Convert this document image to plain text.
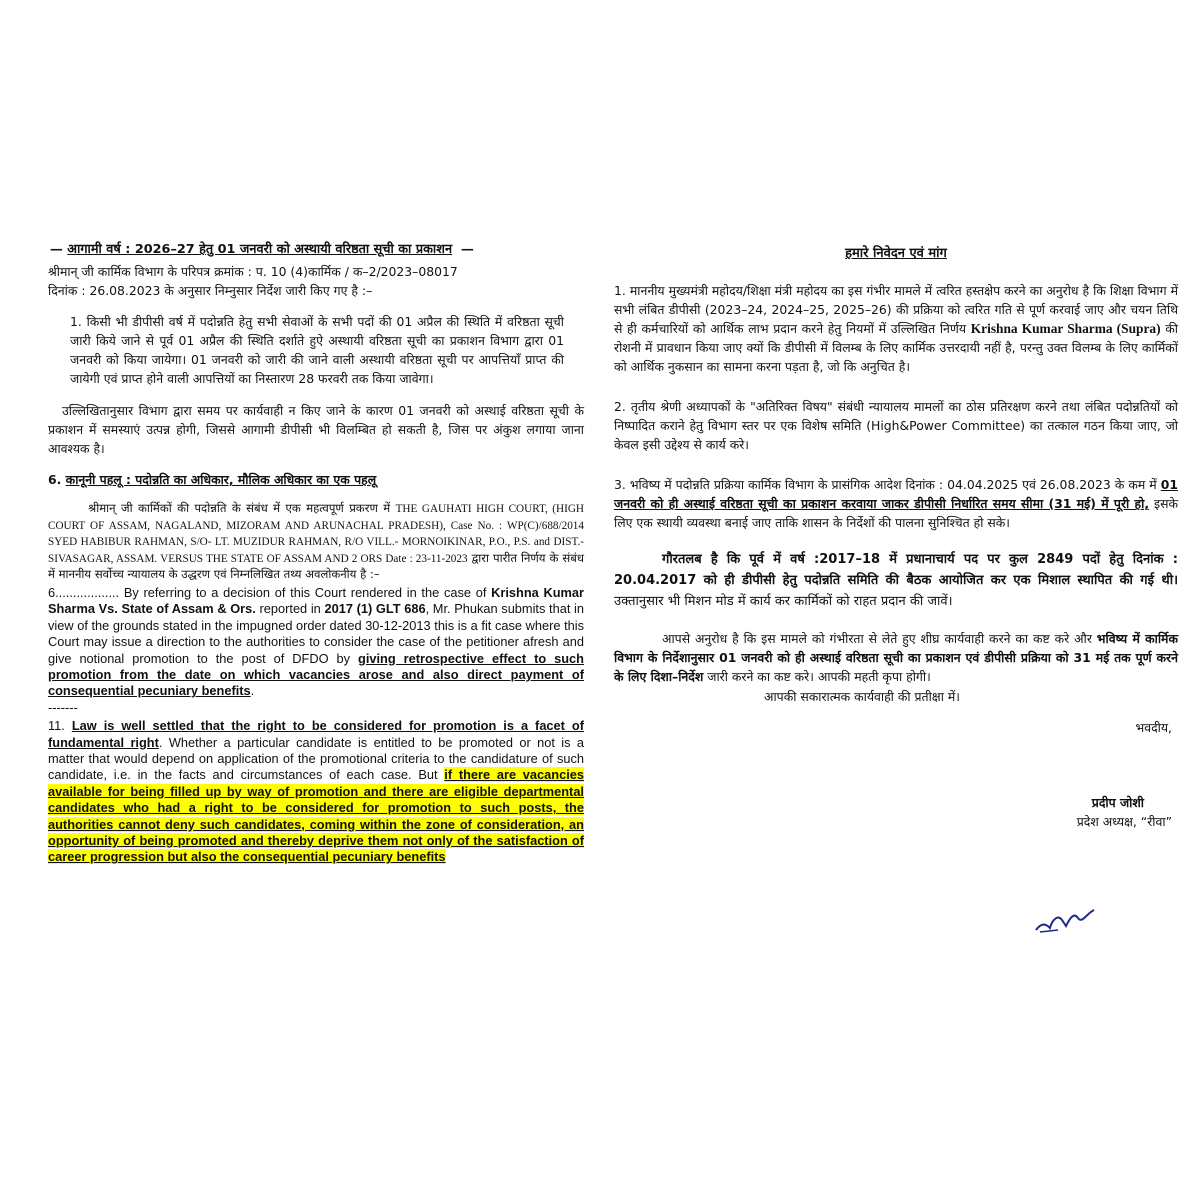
— आगामी वर्ष : 2026–27 हेतु 01 जनवरी को अस्थायी वरिष्ठता सूची का प्रकाशन —

श्रीमान् जी कार्मिक विभाग के परिपत्र क्रमांक : प. 10 (4)कार्मिक / क–2/2023–08017

दिनांक : 26.08.2023 के अनुसार निम्नुसार निर्देश जारी किए गए है :–

1. किसी भी डीपीसी वर्ष में पदोन्नति हेतु सभी सेवाओं के सभी पदों की 01 अप्रैल की स्थिति में वरिष्ठता सूची जारी किये जाने से पूर्व 01 अप्रैल की स्थिति दर्शाते हुऐ अस्थायी वरिष्ठता सूची का प्रकाशन विभाग द्वारा 01 जनवरी को किया जायेगा। 01 जनवरी को जारी की जाने वाली अस्थायी वरिष्ठता सूची पर आपत्तियाँ प्राप्त की जायेगी एवं प्राप्त होने वाली आपत्तियों का निस्तारण 28 फरवरी तक किया जावेगा।

उल्लिखितानुसार विभाग द्वारा समय पर कार्यवाही न किए जाने के कारण 01 जनवरी को अस्थाई वरिष्ठता सूची के प्रकाशन में समस्याएं उत्पन्न होगी, जिससे आगामी डीपीसी भी विलम्बित हो सकती है, जिस पर अंकुश लगाया जाना आवश्यक है।

6. कानूनी पहलू : पदोन्नति का अधिकार, मौलिक अधिकार का एक पहलू

श्रीमान् जी कार्मिकों की पदोन्नति के संबंध में एक महत्वपूर्ण प्रकरण में THE GAUHATI HIGH COURT, (HIGH COURT OF ASSAM, NAGALAND, MIZORAM AND ARUNACHAL PRADESH), Case No. : WP(C)/688/2014 SYED HABIBUR RAHMAN, S/O- LT. MUZIDUR RAHMAN, R/O VILL.- MORNOIKINAR, P.O., P.S. and DIST.- SIVASAGAR, ASSAM. VERSUS THE STATE OF ASSAM AND 2 ORS Date : 23-11-2023 द्वारा पारीत निर्णय के संबंध में माननीय सर्वोच्च न्यायालय के उद्धरण एवं निम्नलिखित तथ्य अवलोकनीय है :–

6.................. By referring to a decision of this Court rendered in the case of Krishna Kumar Sharma Vs. State of Assam & Ors. reported in 2017 (1) GLT 686, Mr. Phukan submits that in view of the grounds stated in the impugned order dated 30-12-2013 this is a fit case where this Court may issue a direction to the authorities to consider the case of the petitioner afresh and give notional promotion to the post of DFDO by giving retrospective effect to such promotion from the date on which vacancies arose and also direct payment of consequential pecuniary benefits.

-------

11. Law is well settled that the right to be considered for promotion is a facet of fundamental right. Whether a particular candidate is entitled to be promoted or not is a matter that would depend on application of the promotional criteria to the candidature of such candidate, i.e. in the facts and circumstances of each case. But if there are vacancies available for being filled up by way of promotion and there are eligible departmental candidates who had a right to be considered for promotion to such posts, the authorities cannot deny such candidates, coming within the zone of consideration, an opportunity of being promoted and thereby deprive them not only of the satisfaction of career progression but also the consequential pecuniary benefits

हमारे निवेदन एवं मांग

1. माननीय मुख्यमंत्री महोदय/शिक्षा मंत्री महोदय का इस गंभीर मामले में त्वरित हस्तक्षेप करने का अनुरोध है कि शिक्षा विभाग में सभी लंबित डीपीसी (2023–24, 2024–25, 2025–26) की प्रक्रिया को त्वरित गति से पूर्ण करवाई जाए और चयन तिथि से ही कर्मचारियों को आर्थिक लाभ प्रदान करने हेतु नियमों में उल्लिखित निर्णय Krishna Kumar Sharma (Supra) की रोशनी में प्रावधान किया जाए क्यों कि डीपीसी में विलम्ब के लिए कार्मिक उत्तरदायी नहीं है, परन्तु उक्त विलम्ब के लिए कार्मिकों को आर्थिक नुकसान का सामना करना पड़ता है, जो कि अनुचित है।

2. तृतीय श्रेणी अध्यापकों के "अतिरिक्त विषय" संबंधी न्यायालय मामलों का ठोस प्रतिरक्षण करने तथा लंबित पदोन्नतियों को निष्पादित कराने हेतु विभाग स्तर पर एक विशेष समिति (High&Power Committee) का तत्काल गठन किया जाए, जो केवल इसी उद्देश्य से कार्य करे।

3. भविष्य में पदोन्नति प्रक्रिया कार्मिक विभाग के प्रासंगिक आदेश दिनांक : 04.04.2025 एवं 26.08.2023 के कम में 01 जनवरी को ही अस्थाई वरिष्ठता सूची का प्रकाशन करवाया जाकर डीपीसी निर्धारित समय सीमा (31 मई) में पूरी हो, इसके लिए एक स्थायी व्यवस्था बनाई जाए ताकि शासन के निर्देशों की पालना सुनिश्चित हो सके।

गौरतलब है कि पूर्व में वर्ष :2017–18 में प्रधानाचार्य पद पर कुल 2849 पदों हेतु दिनांक : 20.04.2017 को ही डीपीसी हेतु पदोन्नति समिति की बैठक आयोजित कर एक मिशाल स्थापित की गई थी। उक्तानुसार भी मिशन मोड में कार्य कर कार्मिकों को राहत प्रदान की जावें।

आपसे अनुरोध है कि इस मामले को गंभीरता से लेते हुए शीघ्र कार्यवाही करने का कष्ट करे और भविष्य में कार्मिक विभाग के निर्देशानुसार 01 जनवरी को ही अस्थाई वरिष्ठता सूची का प्रकाशन एवं डीपीसी प्रक्रिया को 31 मई तक पूर्ण करने के लिए दिशा–निर्देश जारी करने का कष्ट करे। आपकी महती कृपा होगी।

आपकी सकारात्मक कार्यवाही की प्रतीक्षा में।

भवदीय,

प्रदीप जोशी

प्रदेश अध्यक्ष, “रीवा”
